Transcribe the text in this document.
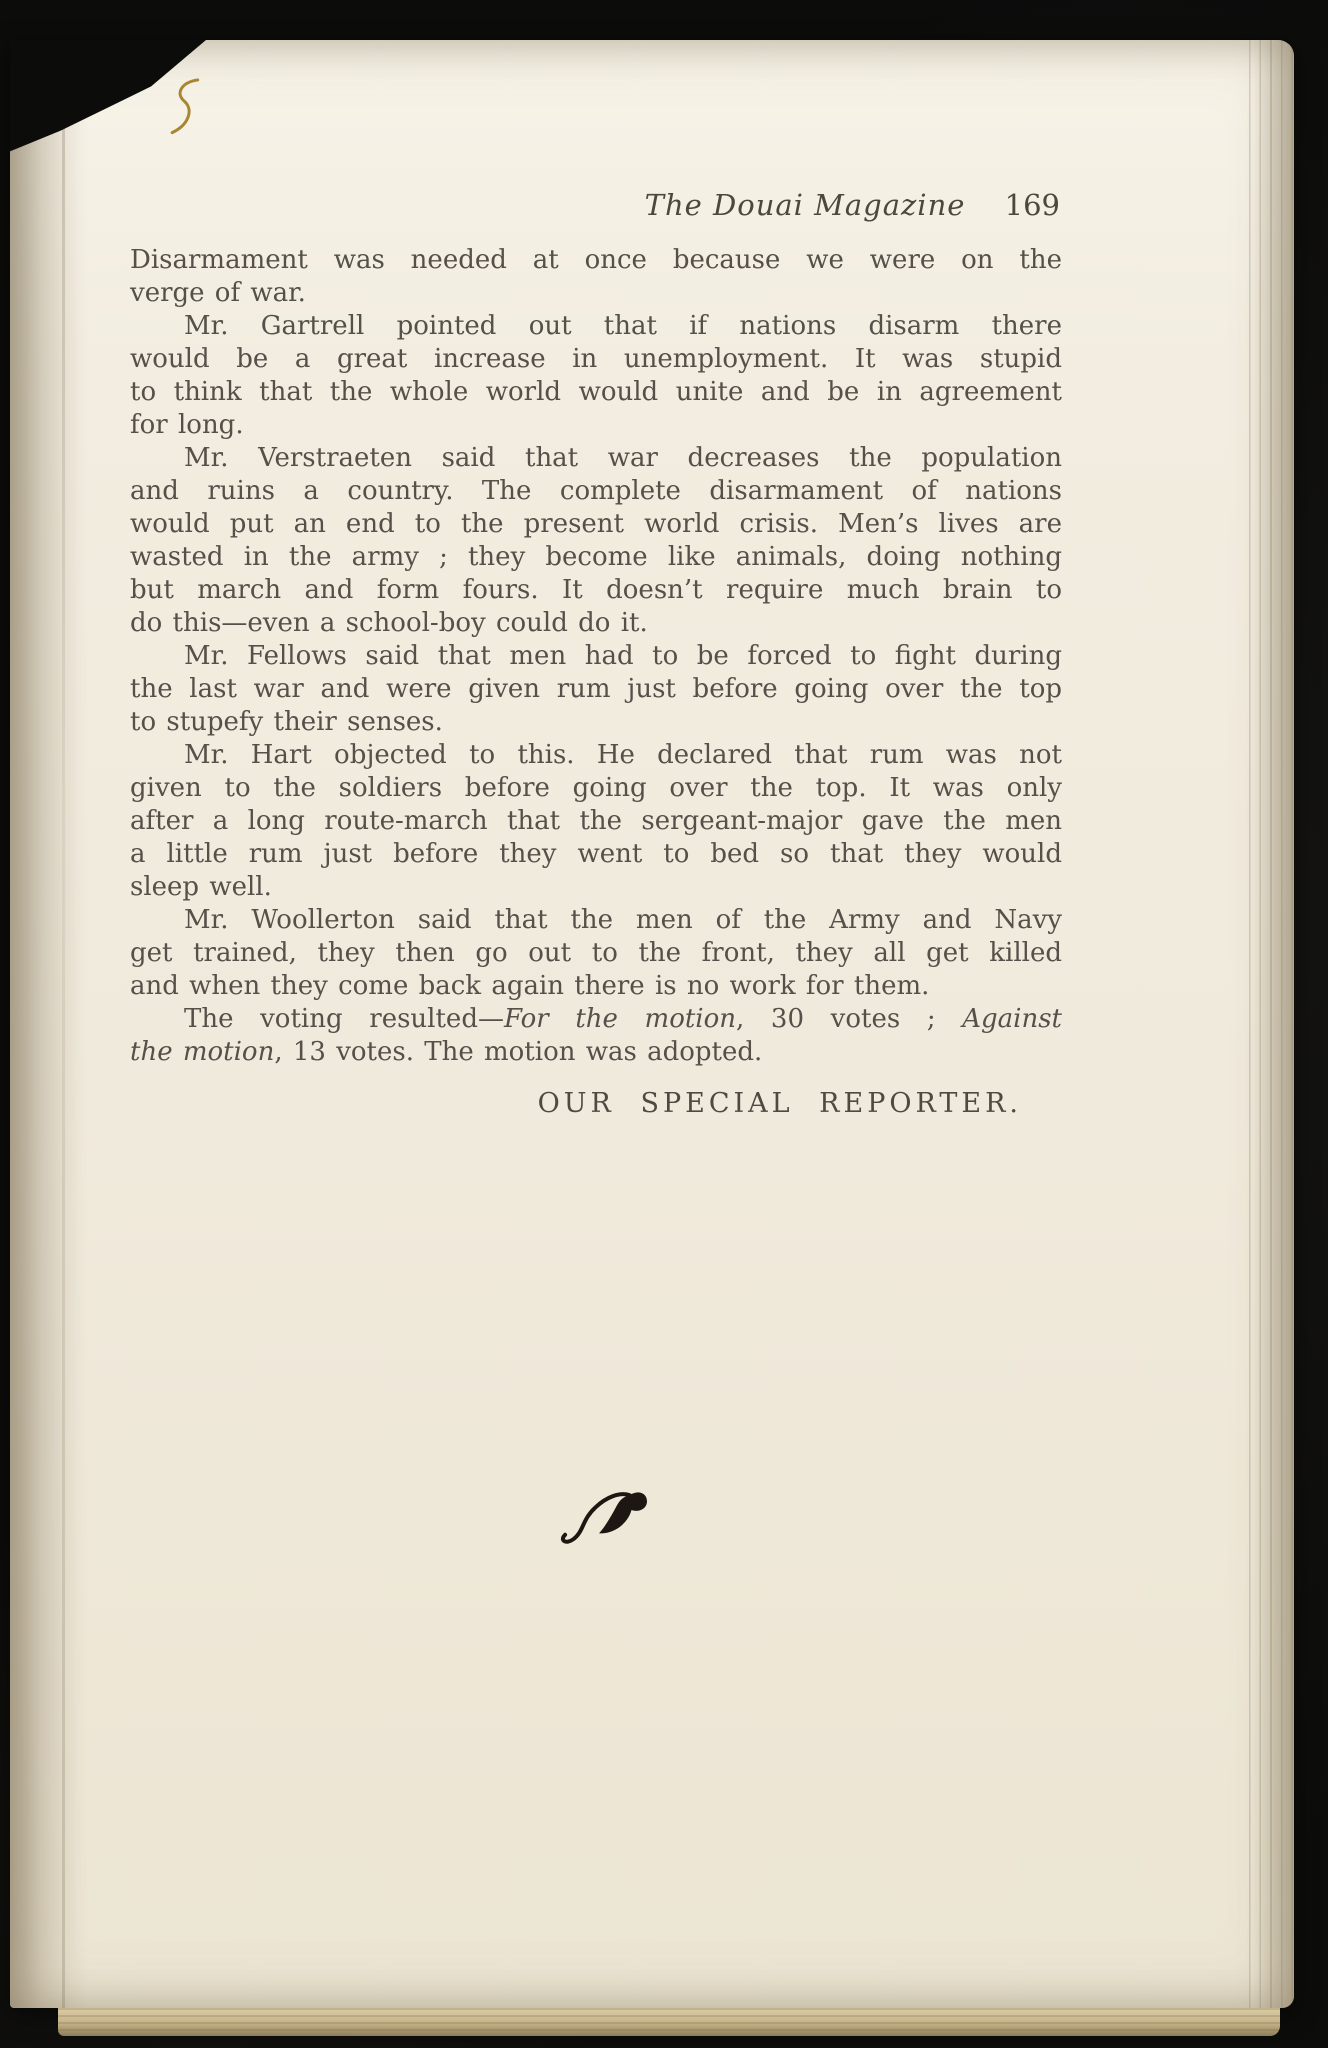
The Douai Magazine 169
Disarmament was needed at once because we were on the
verge of war.
Mr. Gartrell pointed out that if nations disarm there
would be a great increase in unemployment. It was stupid
to think that the whole world would unite and be in agreement
for long.
Mr. Verstraeten said that war decreases the population
and ruins a country. The complete disarmament of nations
would put an end to the present world crisis. Men’s lives are
wasted in the army ; they become like animals, doing nothing
but march and form fours. It doesn’t require much brain to
do this—even a school-boy could do it.
Mr. Fellows said that men had to be forced to fight during
the last war and were given rum just before going over the top
to stupefy their senses.
Mr. Hart objected to this. He declared that rum was not
given to the soldiers before going over the top. It was only
after a long route-march that the sergeant-major gave the men
a little rum just before they went to bed so that they would
sleep well.
Mr. Woollerton said that the men of the Army and Navy
get trained, they then go out to the front, they all get killed
and when they come back again there is no work for them.
The voting resulted—For the motion, 30 votes ; Against
the motion, 13 votes. The motion was adopted.
OUR SPECIAL REPORTER.
